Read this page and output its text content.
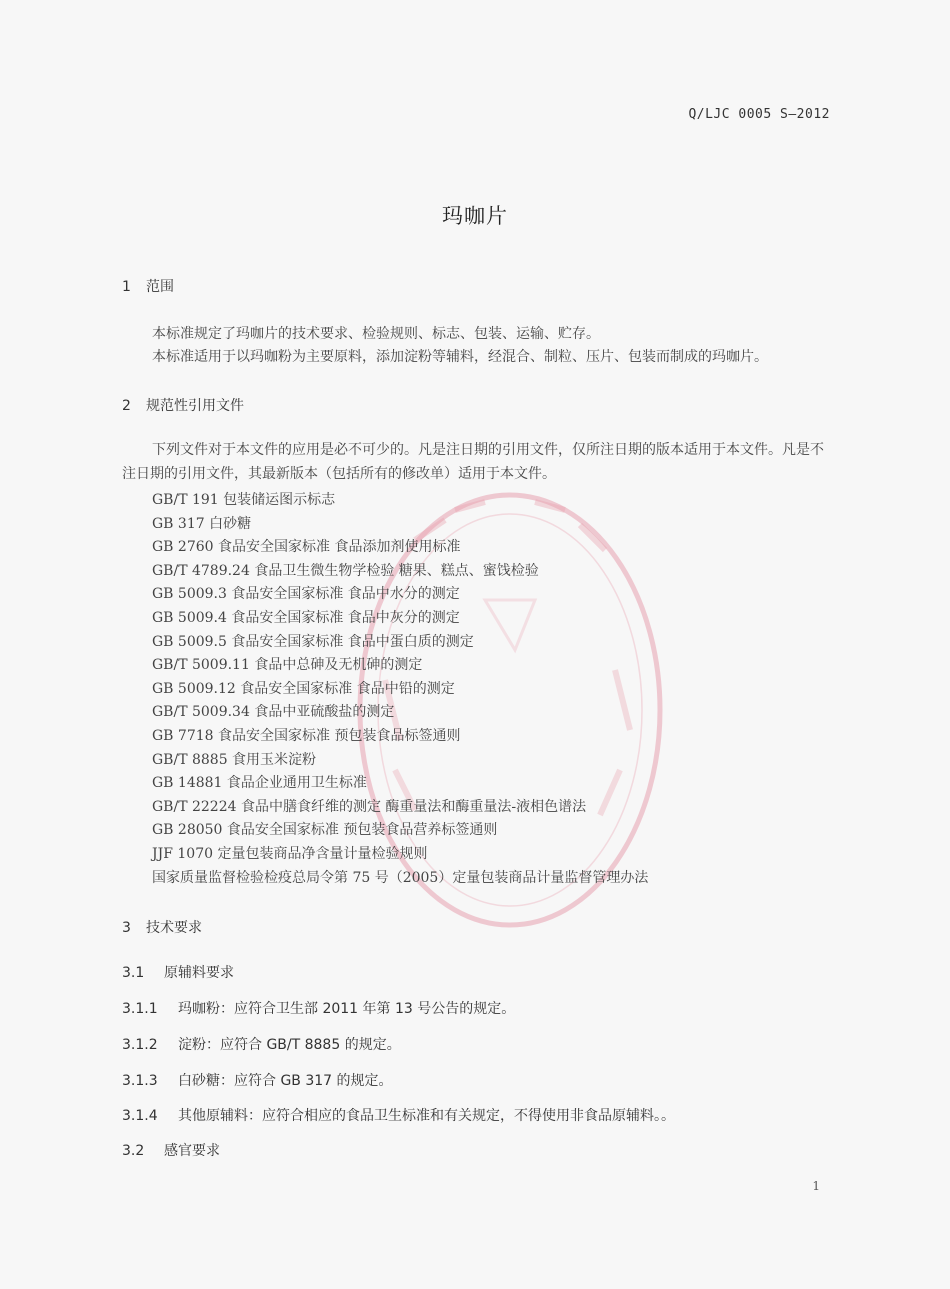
Q/LJC 0005 S—2012
玛咖片
1 范围
本标准规定了玛咖片的技术要求、检验规则、标志、包装、运输、贮存。
本标准适用于以玛咖粉为主要原料，添加淀粉等辅料，经混合、制粒、压片、包装而制成的玛咖片。
2 规范性引用文件
下列文件对于本文件的应用是必不可少的。凡是注日期的引用文件，仅所注日期的版本适用于本文件。凡是不注日期的引用文件，其最新版本（包括所有的修改单）适用于本文件。
GB/T 191 包装储运图示标志
GB 317 白砂糖
GB 2760 食品安全国家标准 食品添加剂使用标准
GB/T 4789.24 食品卫生微生物学检验 糖果、糕点、蜜饯检验
GB 5009.3 食品安全国家标准 食品中水分的测定
GB 5009.4 食品安全国家标准 食品中灰分的测定
GB 5009.5 食品安全国家标准 食品中蛋白质的测定
GB/T 5009.11 食品中总砷及无机砷的测定
GB 5009.12 食品安全国家标准 食品中铅的测定
GB/T 5009.34 食品中亚硫酸盐的测定
GB 7718 食品安全国家标准 预包装食品标签通则
GB/T 8885 食用玉米淀粉
GB 14881 食品企业通用卫生标准
GB/T 22224 食品中膳食纤维的测定 酶重量法和酶重量法-液相色谱法
GB 28050 食品安全国家标准 预包装食品营养标签通则
JJF 1070 定量包装商品净含量计量检验规则
国家质量监督检验检疫总局令第 75 号（2005）定量包装商品计量监督管理办法
3 技术要求
3.1 原辅料要求
3.1.1 玛咖粉：应符合卫生部 2011 年第 13 号公告的规定。
3.1.2 淀粉：应符合 GB/T 8885 的规定。
3.1.3 白砂糖：应符合 GB 317 的规定。
3.1.4 其他原辅料：应符合相应的食品卫生标准和有关规定，不得使用非食品原辅料。。
3.2 感官要求
1
